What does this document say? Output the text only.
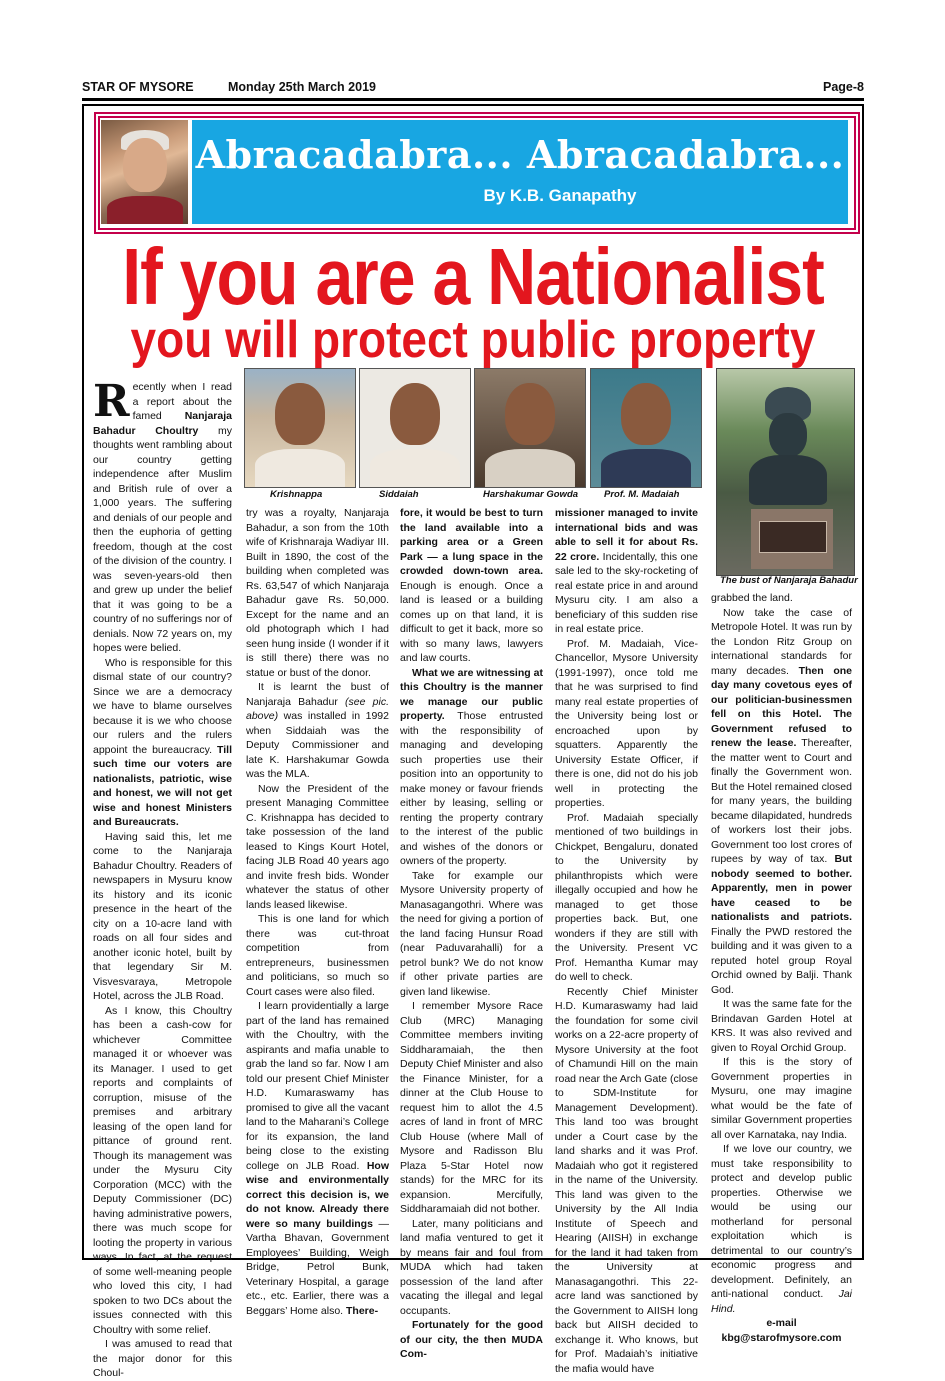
STAR OF MYSORE	Monday 25th March 2019	Page-8
Abracadabra... Abracadabra...
By K.B. Ganapathy
If you are a Nationalist
you will protect public property
Krishnappa	Siddaiah	Harshakumar Gowda	Prof. M. Madaiah
The bust of Nanjaraja Bahadur

Recently when I read a report about the famed Nanjaraja Bahadur Choultry my thoughts went rambling about our country getting independence after Muslim and British rule of over a 1,000 years. The suffering and denials of our people and then the euphoria of getting freedom, though at the cost of the division of the country. I was seven-years-old then and grew up under the belief that it was going to be a country of no sufferings nor of denials. Now 72 years on, my hopes were belied.

Who is responsible for this dismal state of our country? Since we are a democracy we have to blame ourselves because it is we who choose our rulers and the rulers appoint the bureaucracy. Till such time our voters are nationalists, patriotic, wise and honest, we will not get wise and honest Ministers and Bureaucrats.

Having said this, let me come to the Nanjaraja Bahadur Choultry. Readers of newspapers in Mysuru know its history and its iconic presence in the heart of the city on a 10-acre land with roads on all four sides and another iconic hotel, built by that legendary Sir M. Visvesvaraya, Metropole Hotel, across the JLB Road.

As I know, this Choultry has been a cash-cow for whichever Committee managed it or whoever was its Manager. I used to get reports and complaints of corruption, misuse of the premises and arbitrary leasing of the open land for pittance of ground rent. Though its management was under the Mysuru City Corporation (MCC) with the Deputy Commissioner (DC) having administrative powers, there was much scope for looting the property in various ways. In fact, at the request of some well-meaning people who loved this city, I had spoken to two DCs about the issues connected with this Choultry with some relief.

I was amused to read that the major donor for this Choul-

try was a royalty, Nanjaraja Bahadur, a son from the 10th wife of Krishnaraja Wadiyar III. Built in 1890, the cost of the building when completed was Rs. 63,547 of which Nanjaraja Bahadur gave Rs. 50,000. Except for the name and an old photograph which I had seen hung inside (I wonder if it is still there) there was no statue or bust of the donor.

It is learnt the bust of Nanjaraja Bahadur (see pic. above) was installed in 1992 when Siddaiah was the Deputy Commissioner and late K. Harshakumar Gowda was the MLA.

Now the President of the present Managing Committee C. Krishnappa has decided to take possession of the land leased to Kings Kourt Hotel, facing JLB Road 40 years ago and invite fresh bids. Wonder whatever the status of other lands leased likewise.

This is one land for which there was cut-throat competition from entrepreneurs, businessmen and politicians, so much so Court cases were also filed.

I learn providentially a large part of the land has remained with the Choultry, with the aspirants and mafia unable to grab the land so far. Now I am told our present Chief Minister H.D. Kumaraswamy has promised to give all the vacant land to the Maharani’s College for its expansion, the land being close to the existing college on JLB Road. How wise and environmentally correct this decision is, we do not know. Already there were so many buildings — Vartha Bhavan, Government Employees’ Building, Weigh Bridge, Petrol Bunk, Veterinary Hospital, a garage etc., etc. Earlier, there was a Beggars’ Home also. There-

fore, it would be best to turn the land available into a parking area or a Green Park — a lung space in the crowded down-town area. Enough is enough. Once a land is leased or a building comes up on that land, it is difficult to get it back, more so with so many laws, lawyers and law courts.

What we are witnessing at this Choultry is the manner we manage our public property. Those entrusted with the responsibility of managing and developing such properties use their position into an opportunity to make money or favour friends either by leasing, selling or renting the property contrary to the interest of the public and wishes of the donors or owners of the property.

Take for example our Mysore University property of Manasagangothri. Where was the need for giving a portion of the land facing Hunsur Road (near Paduvarahalli) for a petrol bunk? We do not know if other private parties are given land likewise.

I remember Mysore Race Club (MRC) Managing Committee members inviting Siddharamaiah, the then Deputy Chief Minister and also the Finance Minister, for a dinner at the Club House to request him to allot the 4.5 acres of land in front of MRC Club House (where Mall of Mysore and Radisson Blu Plaza 5-Star Hotel now stands) for the MRC for its expansion. Mercifully, Siddharamaiah did not bother.

Later, many politicians and land mafia ventured to get it by means fair and foul from MUDA which had taken possession of the land after vacating the illegal and legal occupants.

Fortunately for the good of our city, the then MUDA Com-

missioner managed to invite international bids and was able to sell it for about Rs. 22 crore. Incidentally, this one sale led to the sky-rocketing of real estate price in and around Mysuru city. I am also a beneficiary of this sudden rise in real estate price.

Prof. M. Madaiah, Vice-Chancellor, Mysore University (1991-1997), once told me that he was surprised to find many real estate properties of the University being lost or encroached upon by squatters. Apparently the University Estate Officer, if there is one, did not do his job well in protecting the properties.

Prof. Madaiah specially mentioned of two buildings in Chickpet, Bengaluru, donated to the University by philanthropists which were illegally occupied and how he managed to get those properties back. But, one wonders if they are still with the University. Present VC Prof. Hemantha Kumar may do well to check.

Recently Chief Minister H.D. Kumaraswamy had laid the foundation for some civil works on a 22-acre property of Mysore University at the foot of Chamundi Hill on the main road near the Arch Gate (close to SDM-Institute for Management Development). This land too was brought under a Court case by the land sharks and it was Prof. Madaiah who got it registered in the name of the University. This land was given to the University by the All India Institute of Speech and Hearing (AIISH) in exchange for the land it had taken from the University at Manasagangothri. This 22-acre land was sanctioned by the Government to AIISH long back but AIISH decided to exchange it. Who knows, but for Prof. Madaiah’s initiative the mafia would have

grabbed the land.

Now take the case of Metropole Hotel. It was run by the London Ritz Group on international standards for many decades. Then one day many covetous eyes of our politician-businessmen fell on this Hotel. The Government refused to renew the lease. Thereafter, the matter went to Court and finally the Government won. But the Hotel remained closed for many years, the building became dilapidated, hundreds of workers lost their jobs. Government too lost crores of rupees by way of tax. But nobody seemed to bother. Apparently, men in power have ceased to be nationalists and patriots. Finally the PWD restored the building and it was given to a reputed hotel group Royal Orchid owned by Balji. Thank God.

It was the same fate for the Brindavan Garden Hotel at KRS. It was also revived and given to Royal Orchid Group.

If this is the story of Government properties in Mysuru, one may imagine what would be the fate of similar Government properties all over Karnataka, nay India.

If we love our country, we must take responsibility to protect and develop public properties. Otherwise we would be using our motherland for personal exploitation which is detrimental to our country’s economic progress and development. Definitely, an anti-national conduct. Jai Hind.

e-mail

kbg@starofmysore.com
